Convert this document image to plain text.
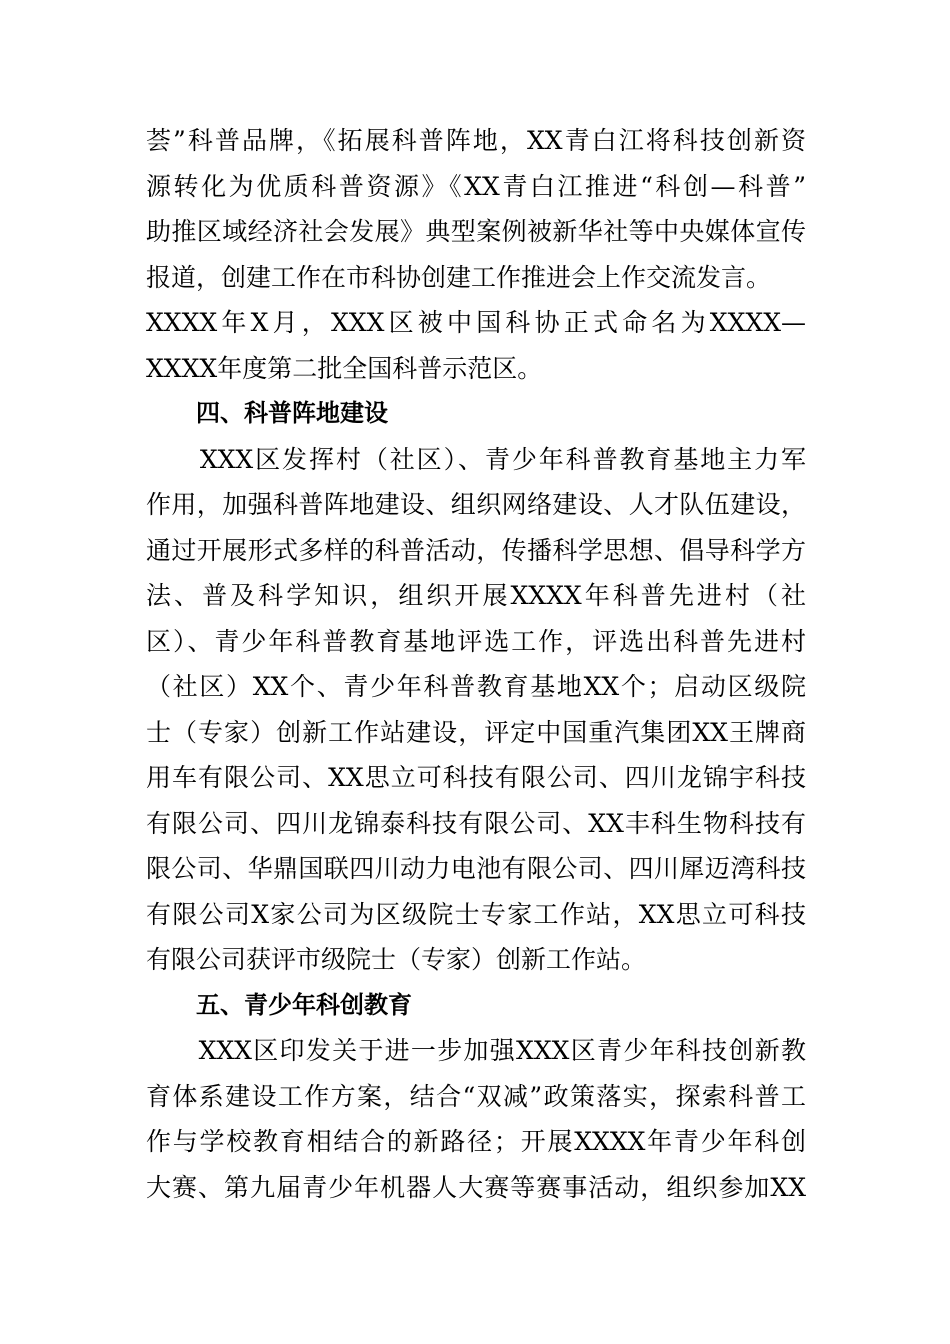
荟”科普品牌，《拓展科普阵地，XX青白江将科技创新资
源转化为优质科普资源》《XX青白江推进“科创—科普”
助推区域经济社会发展》典型案例被新华社等中央媒体宣传
报道，创建工作在市科协创建工作推进会上作交流发言。
XXXX年X月，XXX区被中国科协正式命名为XXXX—
XXXX年度第二批全国科普示范区。
四、科普阵地建设
　　XXX区发挥村（社区）、青少年科普教育基地主力军
作用，加强科普阵地建设、组织网络建设、人才队伍建设，
通过开展形式多样的科普活动，传播科学思想、倡导科学方
法、普及科学知识，组织开展XXXX年科普先进村（社
区）、青少年科普教育基地评选工作，评选出科普先进村
（社区）XX个、青少年科普教育基地XX个；启动区级院
士（专家）创新工作站建设，评定中国重汽集团XX王牌商
用车有限公司、XX思立可科技有限公司、四川龙锦宇科技
有限公司、四川龙锦泰科技有限公司、XX丰科生物科技有
限公司、华鼎国联四川动力电池有限公司、四川犀迈湾科技
有限公司X家公司为区级院士专家工作站，XX思立可科技
有限公司获评市级院士（专家）创新工作站。
五、青少年科创教育
　　XXX区印发关于进一步加强XXX区青少年科技创新教
育体系建设工作方案，结合“双减”政策落实，探索科普工
作与学校教育相结合的新路径；开展XXXX年青少年科创
大赛、第九届青少年机器人大赛等赛事活动，组织参加XX
